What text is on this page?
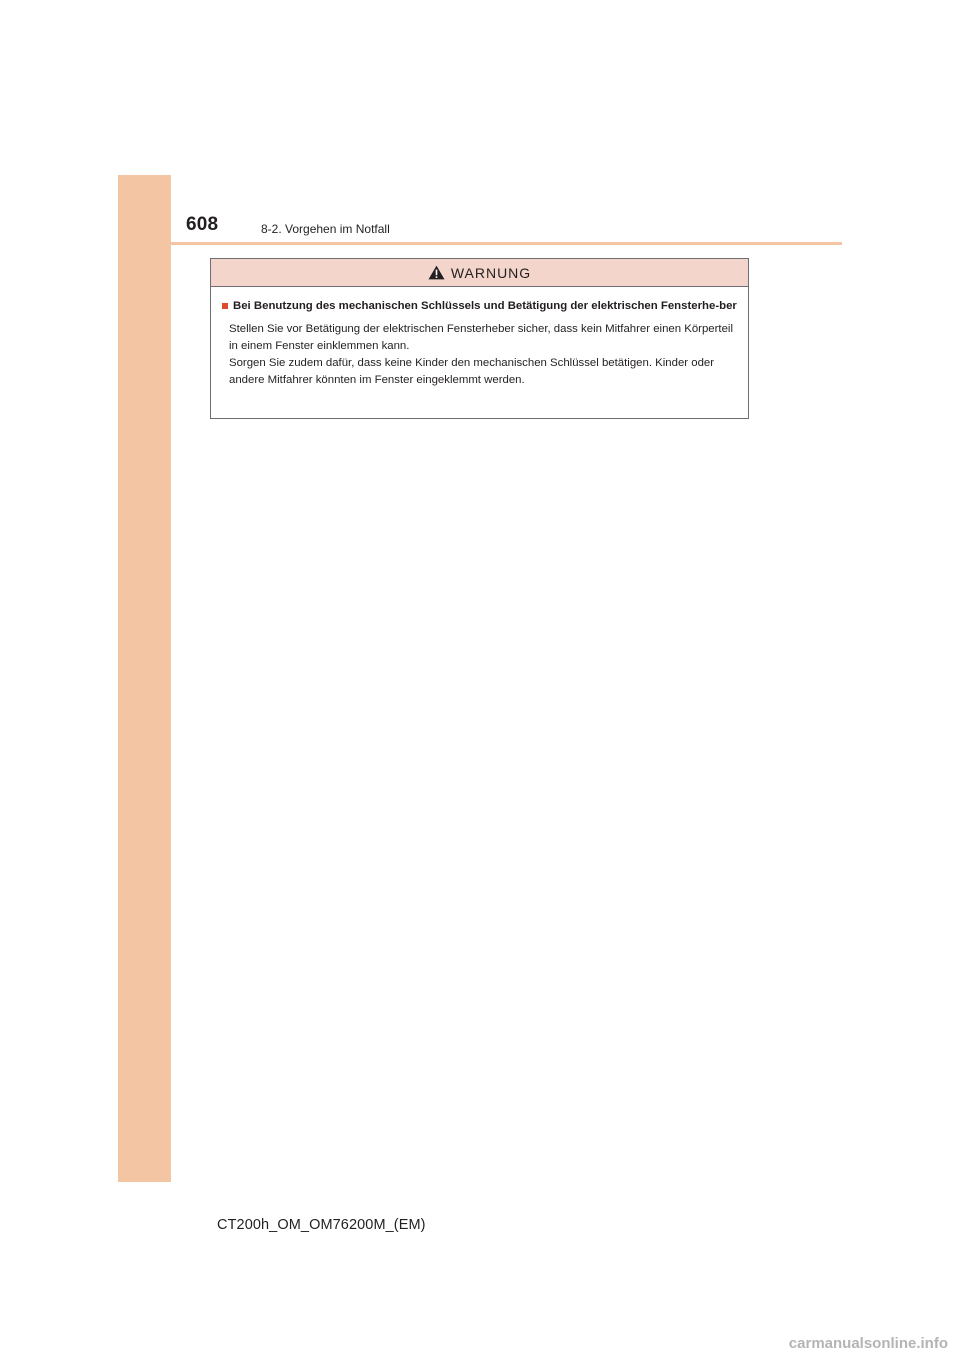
608	8-2. Vorgehen im Notfall
WARNUNG
Bei Benutzung des mechanischen Schlüssels und Betätigung der elektrischen Fensterhe-ber

Stellen Sie vor Betätigung der elektrischen Fensterheber sicher, dass kein Mitfahrer einen Körperteil in einem Fenster einklemmen kann.

Sorgen Sie zudem dafür, dass keine Kinder den mechanischen Schlüssel betätigen. Kinder oder andere Mitfahrer könnten im Fenster eingeklemmt werden.

CT200h_OM_OM76200M_(EM)
carmanualsonline.info
